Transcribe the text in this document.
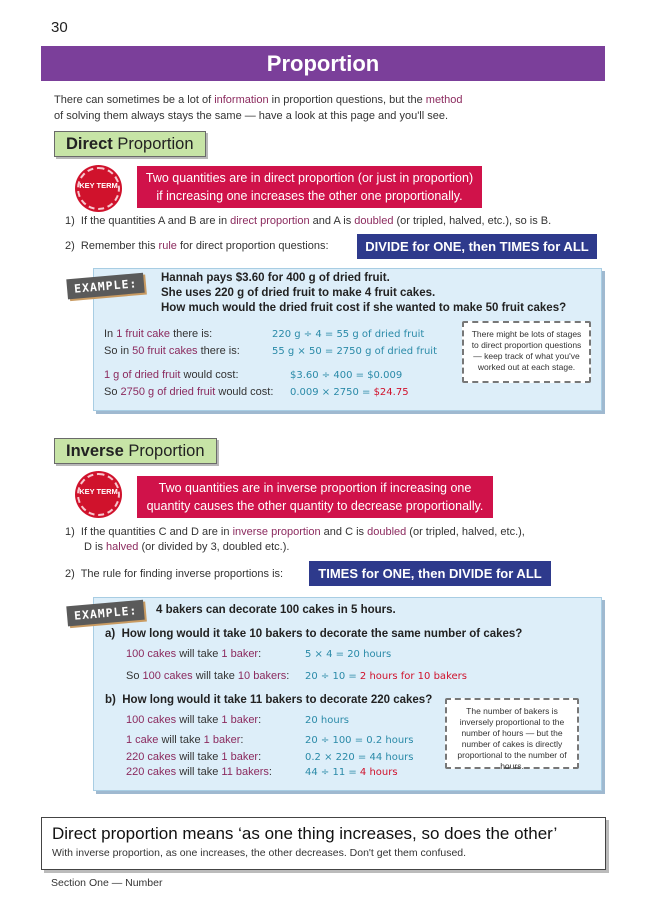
30
Proportion
There can sometimes be a lot of information in proportion questions, but the method
of solving them always stays the same — have a look at this page and you'll see.
Direct Proportion
KEY TERM
Two quantities are in direct proportion (or just in proportion)
if increasing one increases the other one proportionally.
1) If the quantities A and B are in direct proportion and A is doubled (or tripled, halved, etc.), so is B.
2) Remember this rule for direct proportion questions:	DIVIDE for ONE, then TIMES for ALL
EXAMPLE:	Hannah pays $3.60 for 400 g of dried fruit.
She uses 220 g of dried fruit to make 4 fruit cakes.
How much would the dried fruit cost if she wanted to make 50 fruit cakes?
In 1 fruit cake there is:	220 g ÷ 4 = 55 g of dried fruit
So in 50 fruit cakes there is:	55 g × 50 = 2750 g of dried fruit
1 g of dried fruit would cost:	$3.60 ÷ 400 = $0.009
So 2750 g of dried fruit would cost: 0.009 × 2750 = $24.75
There might be lots of stages to direct proportion questions — keep track of what you've worked out at each stage.
Inverse Proportion
KEY TERM	Two quantities are in inverse proportion if increasing one
quantity causes the other quantity to decrease proportionally.
1) If the quantities C and D are in inverse proportion and C is doubled (or tripled, halved, etc.),
D is halved (or divided by 3, doubled etc.).
2) The rule for finding inverse proportions is:	TIMES for ONE, then DIVIDE for ALL
EXAMPLE:	4 bakers can decorate 100 cakes in 5 hours.
a) How long would it take 10 bakers to decorate the same number of cakes?
100 cakes will take 1 baker:	5 × 4 = 20 hours
So 100 cakes will take 10 bakers: 20 ÷ 10 = 2 hours for 10 bakers
b) How long would it take 11 bakers to decorate 220 cakes?
100 cakes will take 1 baker:	20 hours
1 cake will take 1 baker:	20 ÷ 100 = 0.2 hours
220 cakes will take 1 baker:	0.2 × 220 = 44 hours
220 cakes will take 11 bakers:	44 ÷ 11 = 4 hours
The number of bakers is inversely proportional to the number of hours — but the number of cakes is directly proportional to the number of hours.
Direct proportion means ‘as one thing increases, so does the other’
With inverse proportion, as one increases, the other decreases. Don't get them confused.
Section One — Number
